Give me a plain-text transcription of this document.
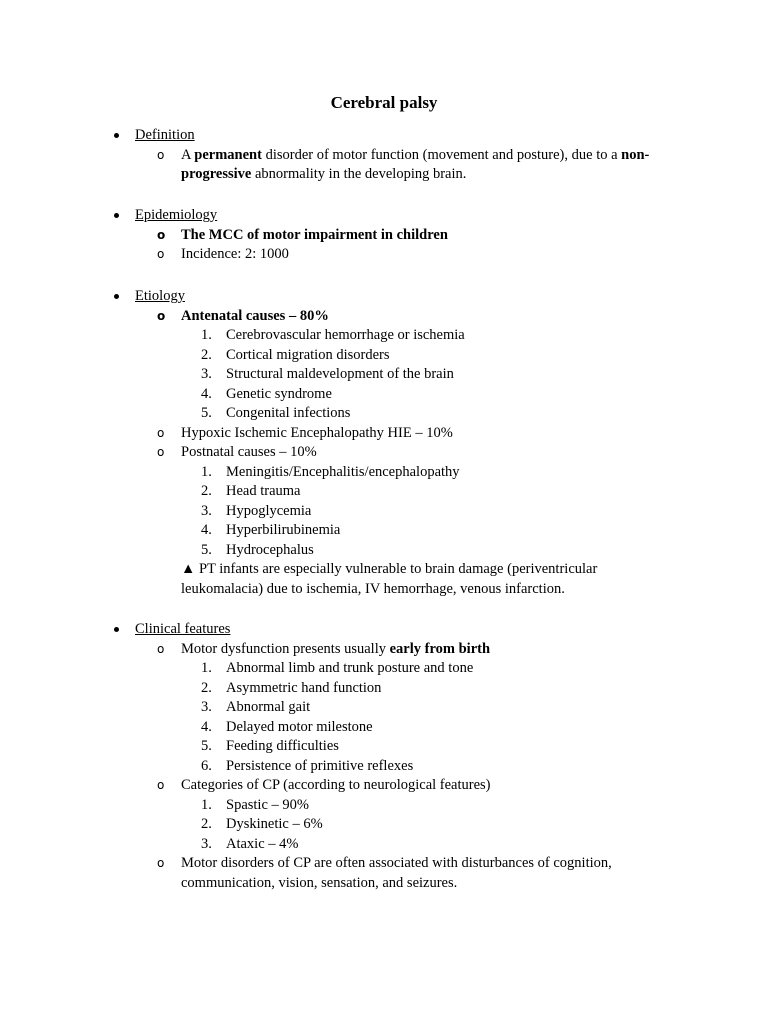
Cerebral palsy
Definition
o A permanent disorder of motor function (movement and posture), due to a non-progressive abnormality in the developing brain.
Epidemiology
o The MCC of motor impairment in children
o Incidence: 2: 1000
Etiology
o Antenatal causes – 80%
1. Cerebrovascular hemorrhage or ischemia
2. Cortical migration disorders
3. Structural maldevelopment of the brain
4. Genetic syndrome
5. Congenital infections
o Hypoxic Ischemic Encephalopathy HIE – 10%
o Postnatal causes – 10%
1. Meningitis/Encephalitis/encephalopathy
2. Head trauma
3. Hypoglycemia
4. Hyperbilirubinemia
5. Hydrocephalus
▲ PT infants are especially vulnerable to brain damage (periventricular leukomalacia) due to ischemia, IV hemorrhage, venous infarction.
Clinical features
o Motor dysfunction presents usually early from birth
1. Abnormal limb and trunk posture and tone
2. Asymmetric hand function
3. Abnormal gait
4. Delayed motor milestone
5. Feeding difficulties
6. Persistence of primitive reflexes
o Categories of CP (according to neurological features)
1. Spastic – 90%
2. Dyskinetic – 6%
3. Ataxic – 4%
o Motor disorders of CP are often associated with disturbances of cognition, communication, vision, sensation, and seizures.
